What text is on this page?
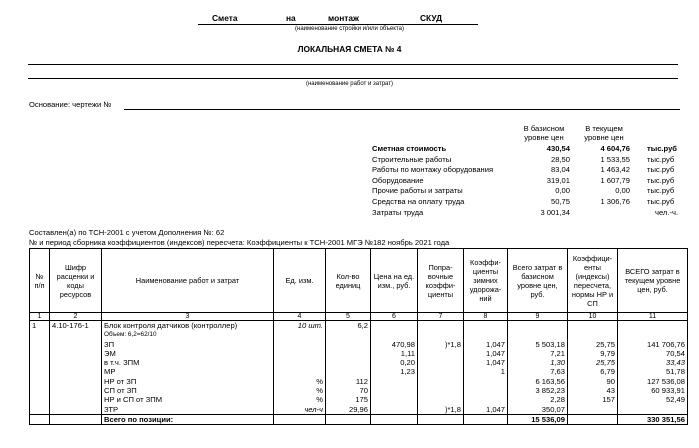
Смета	на	монтаж	СКУД
(наименование стройки и/или объекта)
ЛОКАЛЬНАЯ СМЕТА № 4
(наименование работ и затрат)
Основание: чертежи №
В базисном
уровне цен
В текущем
уровне цен
Сметная стоимость	430,54	4 604,76 тыс.руб
Строительные работы	28,50	1 533,55 тыс.руб
Работы по монтажу оборудования	83,04	1 463,42 тыс.руб
Оборудование	319,01	1 607,79 тыс.руб
Прочие работы и затраты	0,00	0,00 тыс.руб
Средства на оплату труда	50,75	1 306,76 тыс.руб
Затраты труда	3 001,34	чел.-ч.
Составлен(а) по ТСН-2001 с учетом Дополнения №: 62
№ и период сборника коэффициентов (индексов) пересчета: Коэффициенты к ТСН-2001 МГЭ №182 ноябрь 2021 года
№ п/п	Шифр расценки и коды ресурсов	Наименование работ и затрат	Ед. изм.	Кол-во единиц	Цена на ед. изм., руб.	Попра- вочные коэффи- циенты	Коэффи- циенты зимних удорожа- ний	Всего затрат в базисном уровне цен, руб.	Коэффици- енты (индексы) пересчета, нормы НР и СП	ВСЕГО затрат в текущем уровне цен, руб.
1	2	3	4	5	6	7	8	9	10	11
1	4.10-176-1	Блок контроля датчиков (контроллер)	10 шт.	6,2						
		Объем: 6,2=62/10								
		ЗП			470,98	)*1,8	1,047	5 503,18	25,75	141 706,76
		ЭМ			1,11		1,047	7,21	9,79	70,54
		в т.ч. ЗПМ			0,20		1,047	1,30	25,75	33,43
		МР			1,23		1	7,63	6,79	51,78
		НР от ЗП	%	112				6 163,56	90	127 536,08
		СП от ЗП	%	70				3 852,23	43	60 933,91
		НР и СП от ЗПМ	%	175				2,28	157	52,49
		ЗТР	чел-ч	29,96		)*1,8	1,047	350,07		
		Всего по позиции:						15 536,09		330 351,56
